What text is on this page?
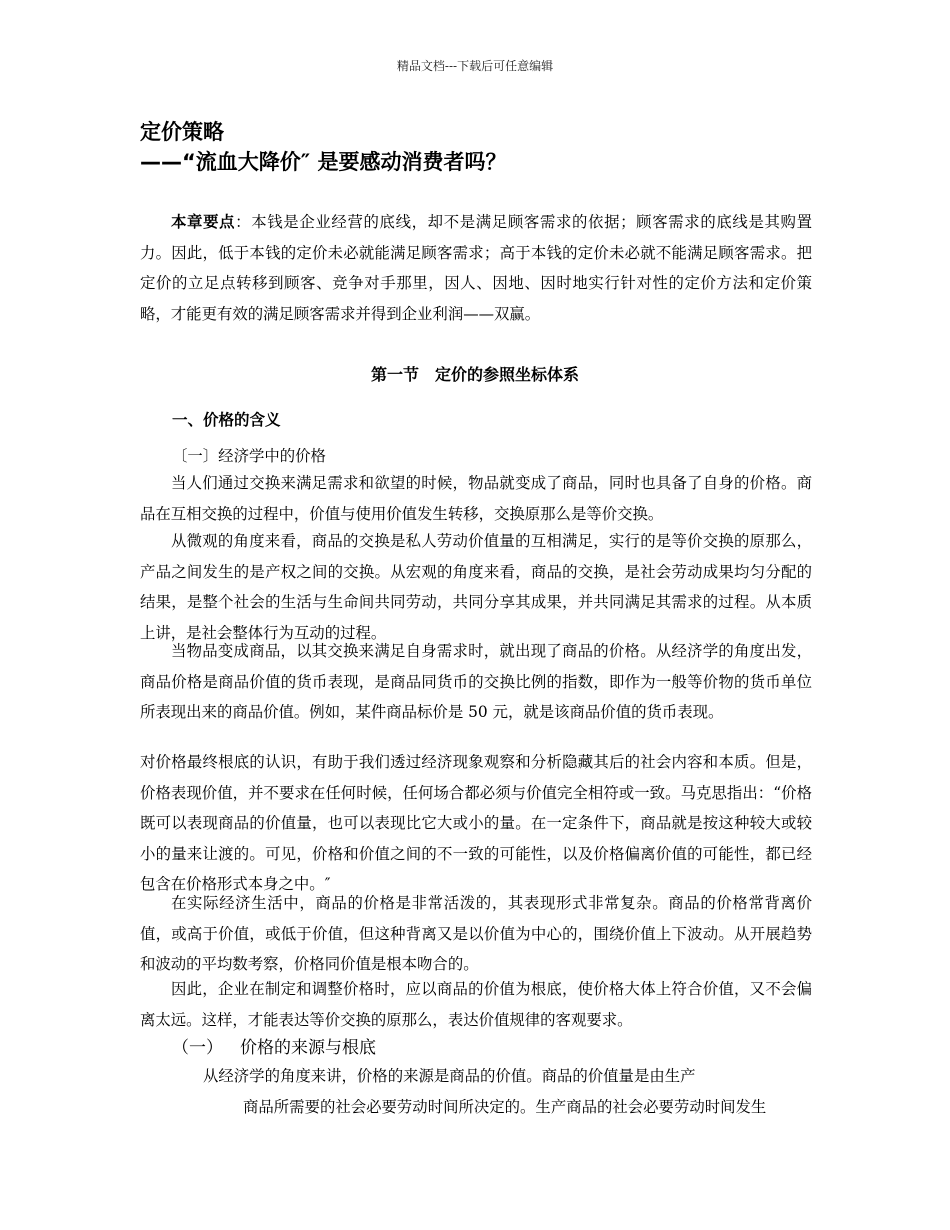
精品文档---下载后可任意编辑
定价策略
——“流血大降价″ 是要感动消费者吗？
本章要点：本钱是企业经营的底线，却不是满足顾客需求的依据；顾客需求的底线是其购置力。因此，低于本钱的定价未必就能满足顾客需求；高于本钱的定价未必就不能满足顾客需求。把定价的立足点转移到顾客、竞争对手那里，因人、因地、因时地实行针对性的定价方法和定价策略，才能更有效的满足顾客需求并得到企业利润——双赢。
第一节　定价的参照坐标体系
一、价格的含义
〔一〕经济学中的价格
当人们通过交换来满足需求和欲望的时候，物品就变成了商品，同时也具备了自身的价格。商品在互相交换的过程中，价值与使用价值发生转移，交换原那么是等价交换。
从微观的角度来看，商品的交换是私人劳动价值量的互相满足，实行的是等价交换的原那么，产品之间发生的是产权之间的交换。从宏观的角度来看，商品的交换，是社会劳动成果均匀分配的结果，是整个社会的生活与生命间共同劳动，共同分享其成果，并共同满足其需求的过程。从本质上讲，是社会整体行为互动的过程。
当物品变成商品，以其交换来满足自身需求时，就出现了商品的价格。从经济学的角度出发，商品价格是商品价值的货币表现，是商品同货币的交换比例的指数，即作为一般等价物的货币单位所表现出来的商品价值。例如，某件商品标价是 50 元，就是该商品价值的货币表现。
对价格最终根底的认识，有助于我们透过经济现象观察和分析隐藏其后的社会内容和本质。但是，价格表现价值，并不要求在任何时候，任何场合都必须与价值完全相符或一致。马克思指出：“价格既可以表现商品的价值量，也可以表现比它大或小的量。在一定条件下，商品就是按这种较大或较小的量来让渡的。可见，价格和价值之间的不一致的可能性，以及价格偏离价值的可能性，都已经包含在价格形式本身之中。″
在实际经济生活中，商品的价格是非常活泼的，其表现形式非常复杂。商品的价格常背离价值，或高于价值，或低于价值，但这种背离又是以价值为中心的，围绕价值上下波动。从开展趋势和波动的平均数考察，价格同价值是根本吻合的。
因此，企业在制定和调整价格时，应以商品的价值为根底，使价格大体上符合价值，又不会偏离太远。这样，才能表达等价交换的原那么，表达价值规律的客观要求。
（一） 价格的来源与根底
从经济学的角度来讲，价格的来源是商品的价值。商品的价值量是由生产
商品所需要的社会必要劳动时间所决定的。生产商品的社会必要劳动时间发生
